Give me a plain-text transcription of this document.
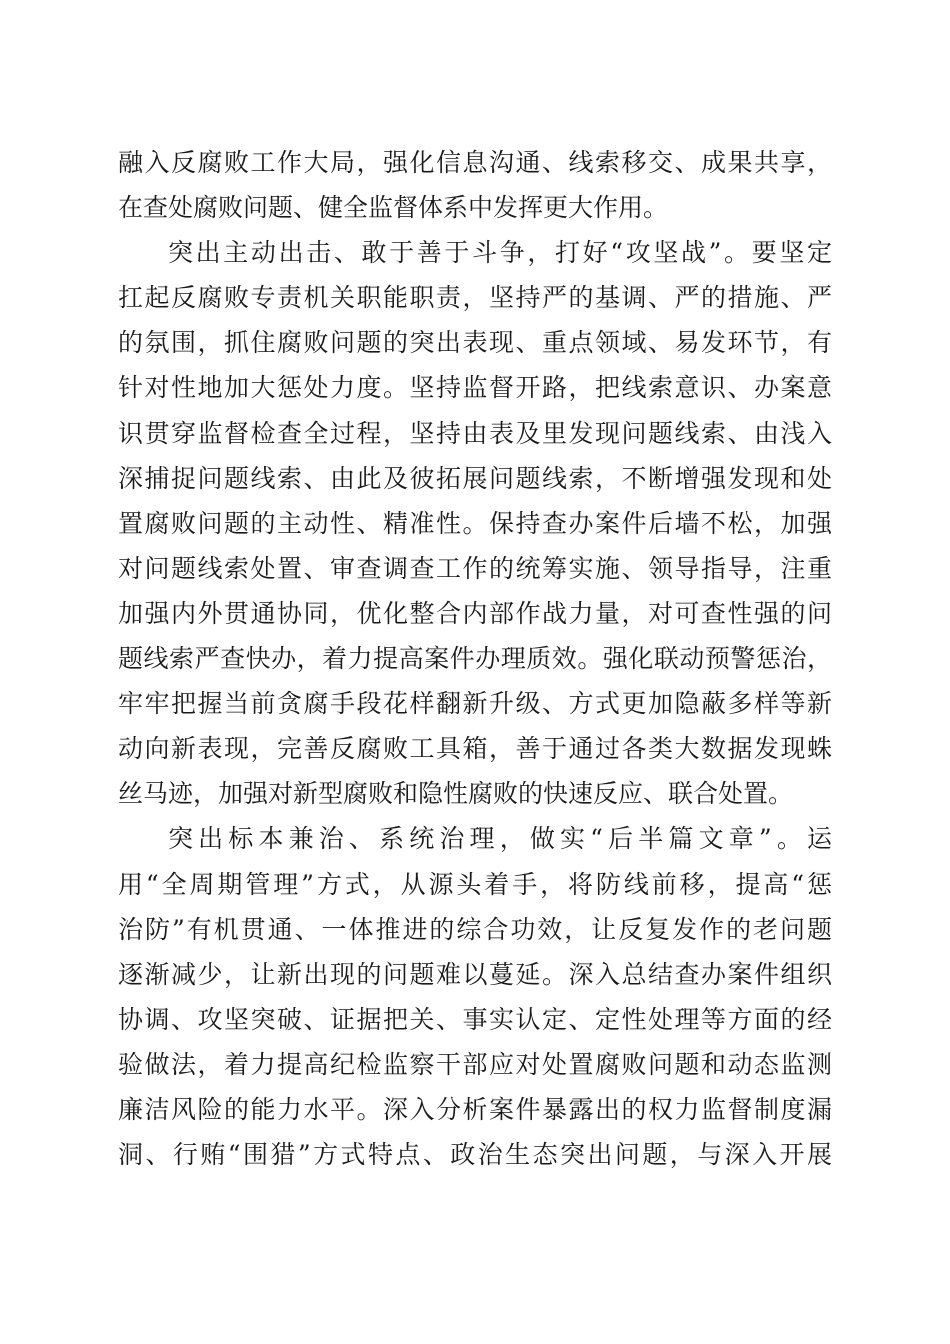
融入反腐败工作大局，强化信息沟通、线索移交、成果共享，
在查处腐败问题、健全监督体系中发挥更大作用。
突出主动出击、敢于善于斗争，打好“攻坚战”。要坚定
扛起反腐败专责机关职能职责，坚持严的基调、严的措施、严
的氛围，抓住腐败问题的突出表现、重点领域、易发环节，有
针对性地加大惩处力度。坚持监督开路，把线索意识、办案意
识贯穿监督检查全过程，坚持由表及里发现问题线索、由浅入
深捕捉问题线索、由此及彼拓展问题线索，不断增强发现和处
置腐败问题的主动性、精准性。保持查办案件后墙不松，加强
对问题线索处置、审查调查工作的统筹实施、领导指导，注重
加强内外贯通协同，优化整合内部作战力量，对可查性强的问
题线索严查快办，着力提高案件办理质效。强化联动预警惩治，
牢牢把握当前贪腐手段花样翻新升级、方式更加隐蔽多样等新
动向新表现，完善反腐败工具箱，善于通过各类大数据发现蛛
丝马迹，加强对新型腐败和隐性腐败的快速反应、联合处置。
突出标本兼治、系统治理，做实“后半篇文章”。运
用“全周期管理”方式，从源头着手，将防线前移，提高“惩
治防”有机贯通、一体推进的综合功效，让反复发作的老问题
逐渐减少，让新出现的问题难以蔓延。深入总结查办案件组织
协调、攻坚突破、证据把关、事实认定、定性处理等方面的经
验做法，着力提高纪检监察干部应对处置腐败问题和动态监测
廉洁风险的能力水平。深入分析案件暴露出的权力监督制度漏
洞、行贿“围猎”方式特点、政治生态突出问题，与深入开展
